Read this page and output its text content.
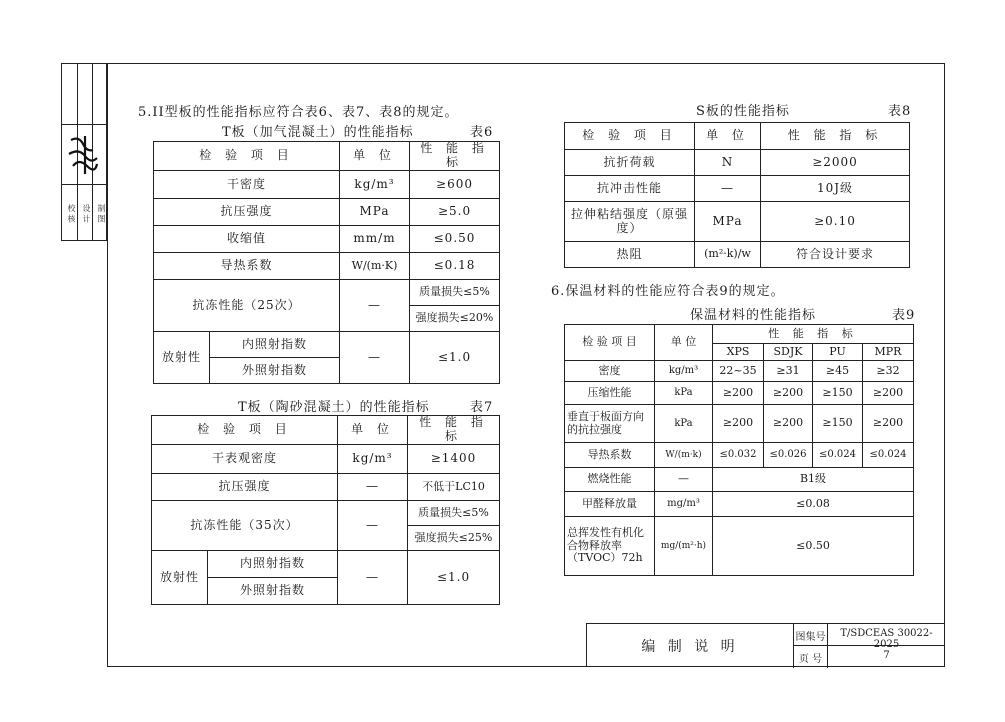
校 核 设 计 制 图
5.II型板的性能指标应符合表6、表7、表8的规定。
T板（加气混凝土）的性能指标	表6
检 验 项 目		单 位	性 能 指 标
干密度		kg/m³	≥600
抗压强度		MPa	≥5.0
收缩值		mm/m	≤0.50
导热系数		W/(m·K)	≤0.18
抗冻性能（25次）		—	质量损失≤5%
			强度损失≤20%
放射性	内照射指数	—	≤1.0
	外照射指数		
T板（陶砂混凝土）的性能指标	表7
检 验 项 目		单 位	性 能 指 标
干表观密度		kg/m³	≥1400
抗压强度		—	不低于LC10
抗冻性能（35次）		—	质量损失≤5%
			强度损失≤25%
放射性	内照射指数	—	≤1.0
	外照射指数		
S板的性能指标	表8
检 验 项 目	单 位	性 能 指 标
抗折荷载	N	≥2000
抗冲击性能	—	10J级
拉伸粘结强度（原强度）	MPa	≥0.10
热阻	(m²·k)/w	符合设计要求
6.保温材料的性能应符合表9的规定。
保温材料的性能指标	表9
检 验 项 目	单 位	性 能 指 标			
		XPS	SDJK	PU	MPR
密度	kg/m³	22~35	≥31	≥45	≥32
压缩性能	kPa	≥200	≥200	≥150	≥200
垂直于板面方向的抗拉强度	kPa	≥200	≥200	≥150	≥200
导热系数	W/(m·k)	≤0.032	≤0.026	≤0.024	≤0.024
燃烧性能	—	B1级			
甲醛释放量	mg/m³	≤0.08			
总挥发性有机化合物释放率（TVOC）72h	mg/(m²·h)	≤0.50			
编 制 说 明
图集号	T/SDCEAS 30022-2025
页 号	7
